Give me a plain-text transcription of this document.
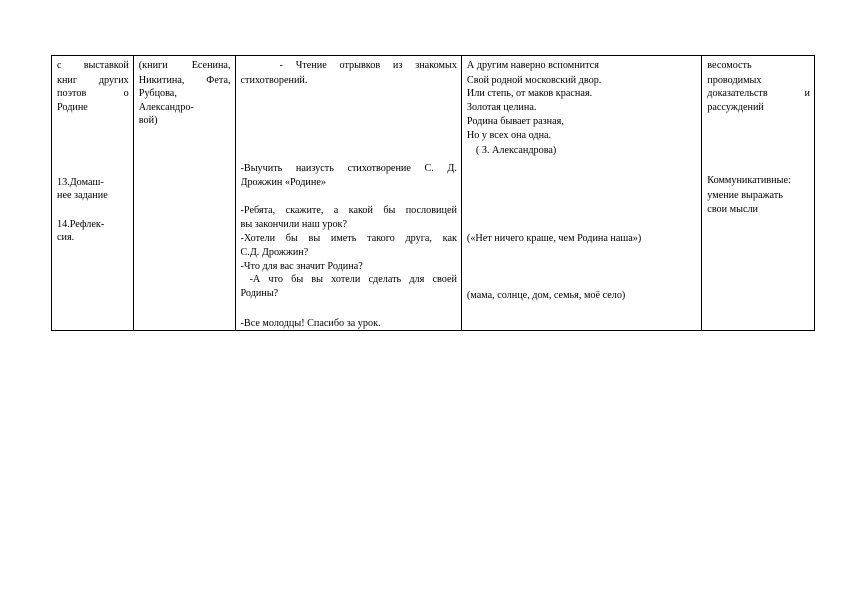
с выставкой
книг других
поэтов о
Родине
13.Домаш-
нее задание
14.Рефлек-
сия.
(книги Есенина,
Никитина, Фета,
Рубцова,
Александро-
вой)
- Чтение отрывков из знакомых
стихотворений.
-Выучить наизусть стихотворение С. Д.
Дрожжин «Родине»
-Ребята, скажите, а какой бы пословицей
вы закончили наш урок?
-Хотели бы вы иметь такого друга, как
С.Д. Дрожжин?
-Что для вас значит Родина?
-А что бы вы хотели сделать для своей
Родины?
-Все молодцы! Спасибо за урок.
А другим наверно вспомнится
Свой родной московский двор.
Или степь, от маков красная.
Золотая целина.
Родина бывает разная,
Но у всех она одна.
( З. Александрова)
(«Нет ничего краше, чем Родина наша»)
(мама, солнце, дом, семья, моё село)
весомость
проводимых
доказательств и
рассуждений
Коммуникативные:
умение выражать
свои мысли
